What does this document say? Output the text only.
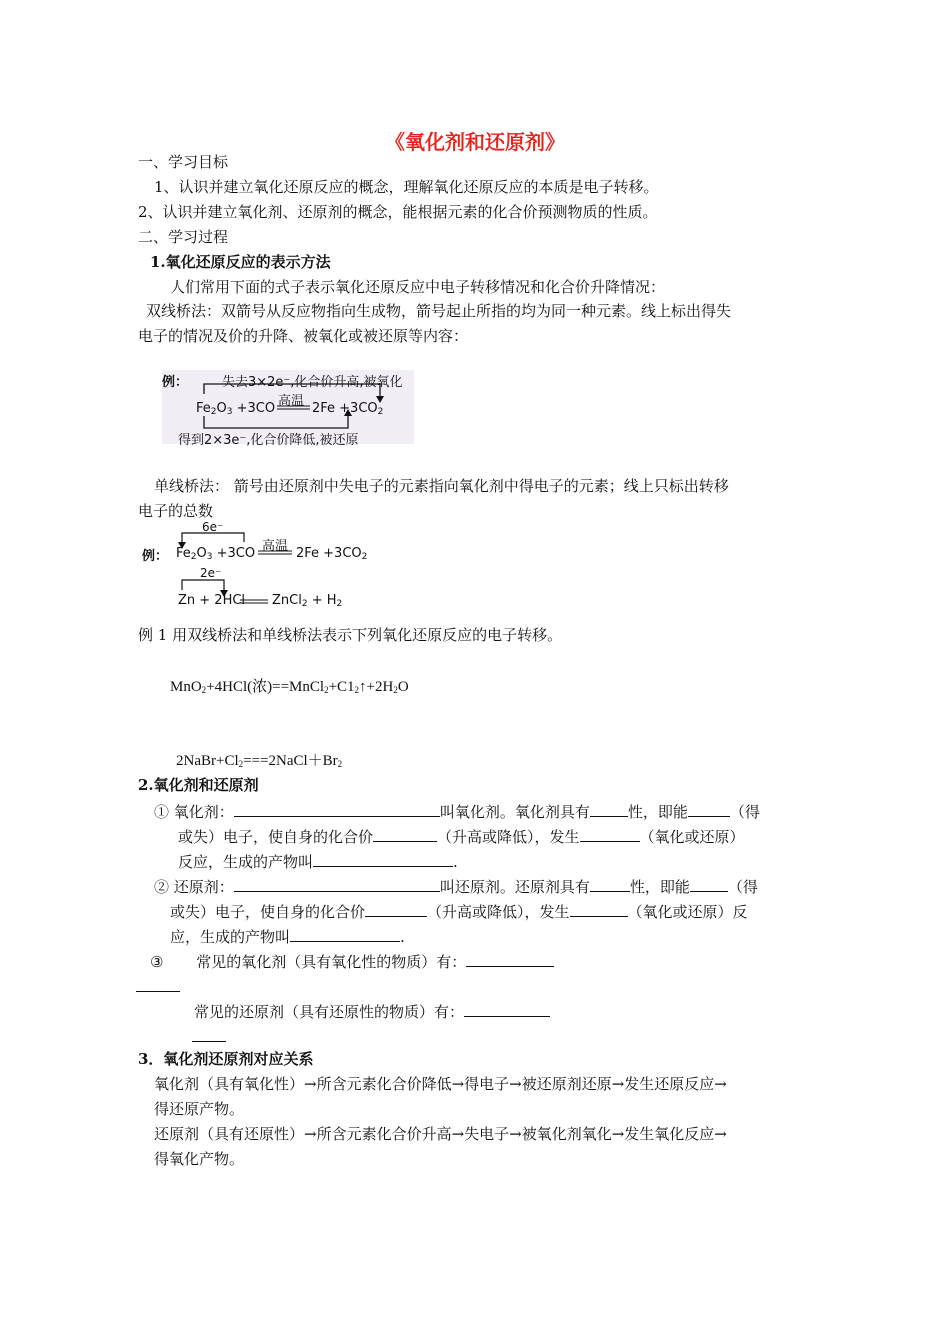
《氧化剂和还原剂》
一、学习目标
1、认识并建立氧化还原反应的概念，理解氧化还原反应的本质是电子转移。
2、认识并建立氧化剂、还原剂的概念，能根据元素的化合价预测物质的性质。
二、学习过程
1.氧化还原反应的表示方法
人们常用下面的式子表示氧化还原反应中电子转移情况和化合价升降情况：
双线桥法：双箭号从反应物指向生成物，箭号起止所指的均为同一种元素。线上标出得失
电子的情况及价的升降、被氧化或被还原等内容：
例：	失去3×2e⁻,化合价升高,被氧化
高温
$Fe_2O_3 +3CO$	$2Fe +3CO_2$
得到2×3e⁻,化合价降低,被还原
单线桥法： 箭号由还原剂中失电子的元素指向氧化剂中得电子的元素；线上只标出转移
电子的总数
6e⁻
例： $Fe_2O_3 +3CO$ 高温 $2Fe +3CO_2$
2e⁻
Zn + 2HCl ZnCl$_2$ + $H_2$
例 1 用双线桥法和单线桥法表示下列氧化还原反应的电子转移。
MnO$_2$+4HCl(浓)$==MnCl_2+C1_2↑+2H_2O$
$2NaBr+Cl_2===2NaCl+Br_2$
2.氧化剂和还原剂
① 氧化剂：	叫氧化剂。氧化剂具有	性，即能	（得
或失）电子，使自身的化合价	（升高或降低），发生	（氧化或还原）
反应，生成的产物叫	.
② 还原剂：	叫还原剂。还原剂具有	性，即能	（得
或失）电子，使自身的化合价	（升高或降低），发生	（氧化或还原）反
应，生成的产物叫	.
③ 常见的氧化剂（具有氧化性的物质）有：
常见的还原剂（具有还原性的物质）有：
3．氧化剂还原剂对应关系
氧化剂（具有氧化性）→所含元素化合价降低→得电子→被还原剂还原→发生还原反应→
得还原产物。
还原剂（具有还原性）→所含元素化合价升高→失电子→被氧化剂氧化→发生氧化反应→
得氧化产物。
